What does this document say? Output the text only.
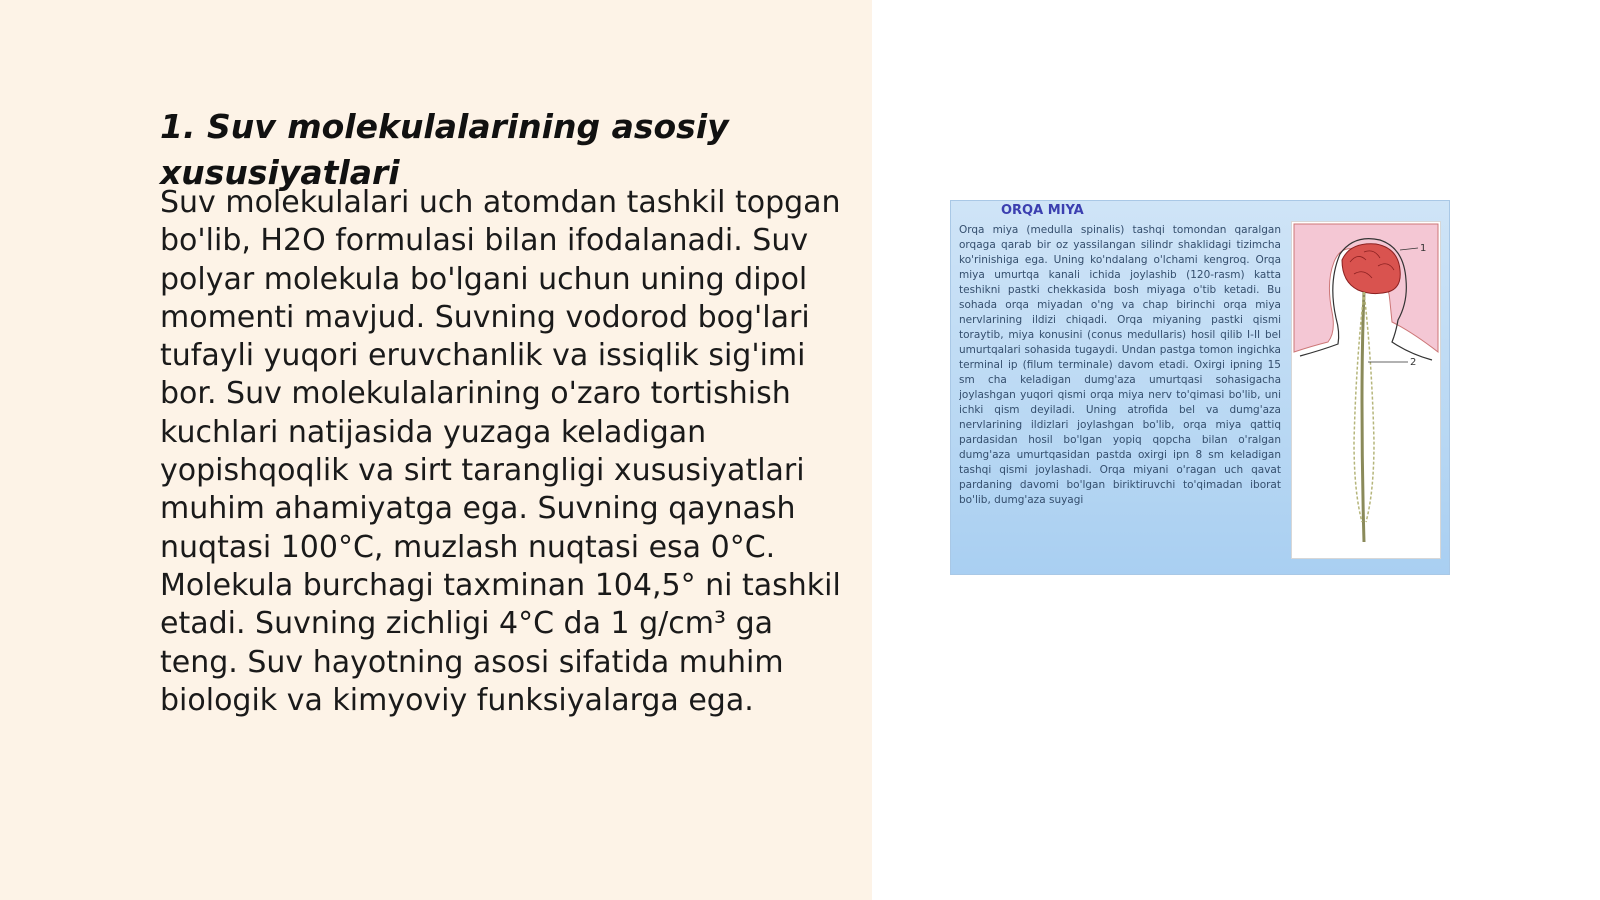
1. Suv molekulalarining asosiy xususiyatlari

Suv molekulalari uch atomdan tashkil topgan bo'lib, H2O formulasi bilan ifodalanadi. Suv polyar molekula bo'lgani uchun uning dipol momenti mavjud. Suvning vodorod bog'lari tufayli yuqori eruvchanlik va issiqlik sig'imi bor. Suv molekulalarining o'zaro tortishish kuchlari natijasida yuzaga keladigan yopishqoqlik va sirt tarangligi xususiyatlari muhim ahamiyatga ega. Suvning qaynash nuqtasi 100°C, muzlash nuqtasi esa 0°C. Molekula burchagi taxminan 104,5° ni tashkil etadi. Suvning zichligi 4°C da 1 g/cm³ ga teng. Suv hayotning asosi sifatida muhim biologik va kimyoviy funksiyalarga ega.

ORQA MIYA

Orqa miya (medulla spinalis) tashqi tomondan qaralgan orqaga qarab bir oz yassilangan silindr shaklidagi tizimcha ko'rinishiga ega. Uning ko'ndalang o'lchami kengroq. Orqa miya umurtqa kanali ichida joylashib (120-rasm) katta teshikni pastki chekkasida bosh miyaga o'tib ketadi. Bu sohada orqa miyadan o'ng va chap birinchi orqa miya nervlarining ildizi chiqadi. Orqa miyaning pastki qismi toraytib, miya konusini (conus medullaris) hosil qilib I-II bel umurtqalari sohasida tugaydi. Undan pastga tomon ingichka terminal ip (filum terminale) davom etadi. Oxirgi ipning 15 sm cha keladigan dumg'aza umurtqasi sohasigacha joylashgan yuqori qismi orqa miya nerv to'qimasi bo'lib, uni ichki qism deyiladi. Uning atrofida bel va dumg'aza nervlarining ildizlari joylashgan bo'lib, orqa miya qattiq pardasidan hosil bo'lgan yopiq qopcha bilan o'ralgan dumg'aza umurtqasidan pastda oxirgi ipn 8 sm keladigan tashqi qismi joylashadi. Orqa miyani o'ragan uch qavat pardaning davomi bo'lgan biriktiruvchi to'qimadan iborat bo'lib, dumg'aza suyagi

1
2
